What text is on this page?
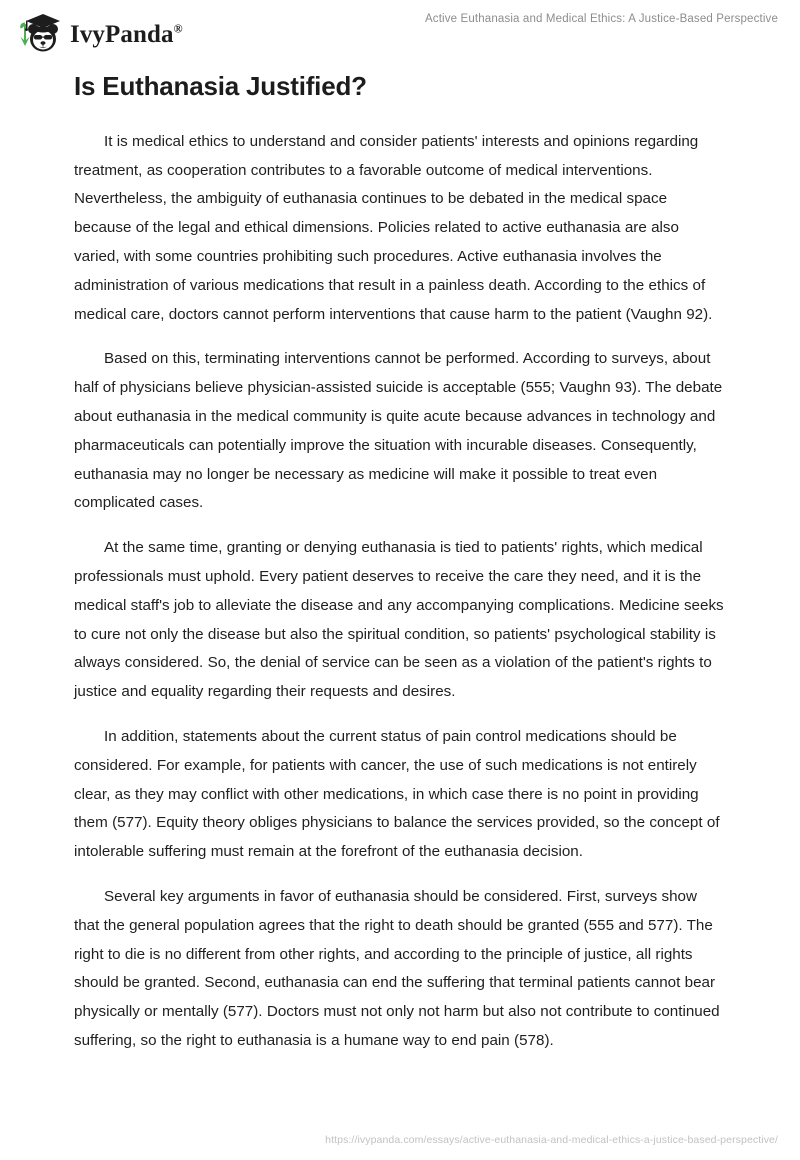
IvyPanda®
Active Euthanasia and Medical Ethics: A Justice-Based Perspective
Is Euthanasia Justified?

It is medical ethics to understand and consider patients' interests and opinions regarding treatment, as cooperation contributes to a favorable outcome of medical interventions. Nevertheless, the ambiguity of euthanasia continues to be debated in the medical space because of the legal and ethical dimensions. Policies related to active euthanasia are also varied, with some countries prohibiting such procedures. Active euthanasia involves the administration of various medications that result in a painless death. According to the ethics of medical care, doctors cannot perform interventions that cause harm to the patient (Vaughn 92).

Based on this, terminating interventions cannot be performed. According to surveys, about half of physicians believe physician-assisted suicide is acceptable (555; Vaughn 93). The debate about euthanasia in the medical community is quite acute because advances in technology and pharmaceuticals can potentially improve the situation with incurable diseases. Consequently, euthanasia may no longer be necessary as medicine will make it possible to treat even complicated cases.

At the same time, granting or denying euthanasia is tied to patients' rights, which medical professionals must uphold. Every patient deserves to receive the care they need, and it is the medical staff's job to alleviate the disease and any accompanying complications. Medicine seeks to cure not only the disease but also the spiritual condition, so patients' psychological stability is always considered. So, the denial of service can be seen as a violation of the patient's rights to justice and equality regarding their requests and desires.

In addition, statements about the current status of pain control medications should be considered. For example, for patients with cancer, the use of such medications is not entirely clear, as they may conflict with other medications, in which case there is no point in providing them (577). Equity theory obliges physicians to balance the services provided, so the concept of intolerable suffering must remain at the forefront of the euthanasia decision.

Several key arguments in favor of euthanasia should be considered. First, surveys show that the general population agrees that the right to death should be granted (555 and 577). The right to die is no different from other rights, and according to the principle of justice, all rights should be granted. Second, euthanasia can end the suffering that terminal patients cannot bear physically or mentally (577). Doctors must not only not harm but also not contribute to continued suffering, so the right to euthanasia is a humane way to end pain (578).

https://ivypanda.com/essays/active-euthanasia-and-medical-ethics-a-justice-based-perspective/
